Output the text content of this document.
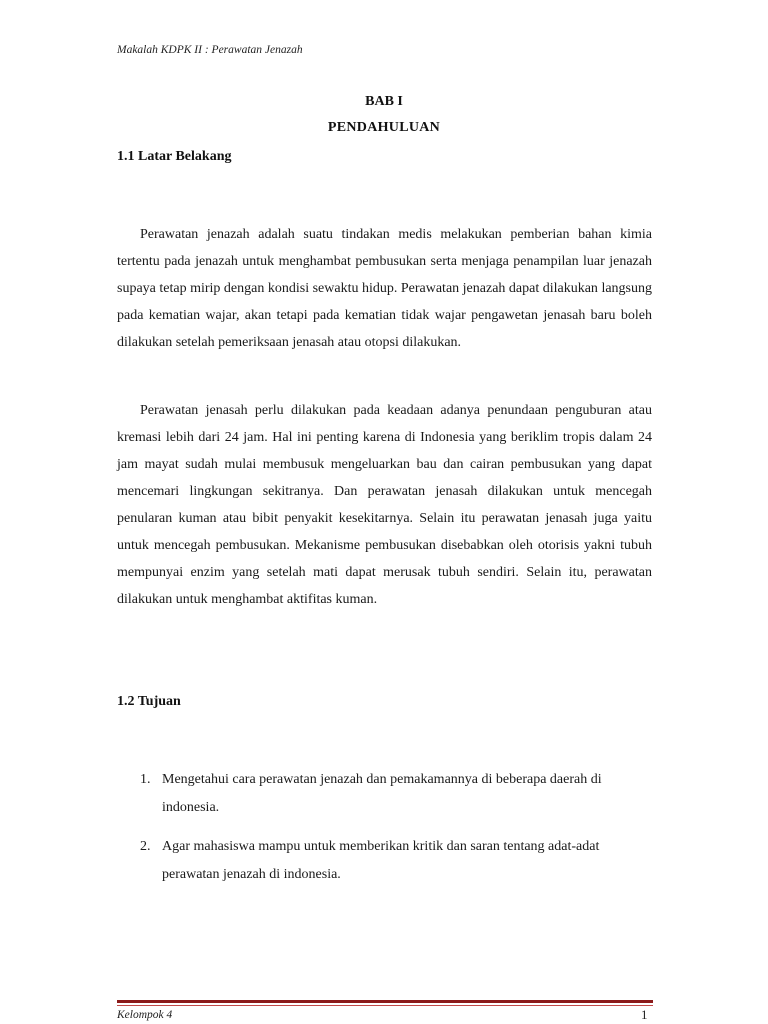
Makalah KDPK II : Perawatan Jenazah
BAB I
PENDAHULUAN
1.1 Latar Belakang

Perawatan jenazah adalah suatu tindakan medis melakukan pemberian bahan kimia tertentu pada jenazah untuk menghambat pembusukan serta menjaga penampilan luar jenazah supaya tetap mirip dengan kondisi sewaktu hidup. Perawatan jenazah dapat dilakukan langsung pada kematian wajar, akan tetapi pada kematian tidak wajar pengawetan jenasah baru boleh dilakukan setelah pemeriksaan jenasah atau otopsi dilakukan.

Perawatan jenasah perlu dilakukan pada keadaan adanya penundaan penguburan atau kremasi lebih dari 24 jam. Hal ini penting karena di Indonesia yang beriklim tropis dalam 24 jam mayat sudah mulai membusuk mengeluarkan bau dan cairan pembusukan yang dapat mencemari lingkungan sekitranya. Dan perawatan jenasah dilakukan untuk mencegah penularan kuman atau bibit penyakit kesekitarnya. Selain itu perawatan jenasah juga yaitu untuk mencegah pembusukan. Mekanisme pembusukan disebabkan oleh otorisis yakni tubuh mempunyai enzim yang setelah mati dapat merusak tubuh sendiri. Selain itu, perawatan dilakukan untuk menghambat aktifitas kuman.

1.2 Tujuan
1. Mengetahui cara perawatan jenazah dan pemakamannya di beberapa daerah di indonesia.
2. Agar mahasiswa mampu untuk memberikan kritik dan saran tentang adat-adat perawatan jenazah di indonesia.
Kelompok 4	1
